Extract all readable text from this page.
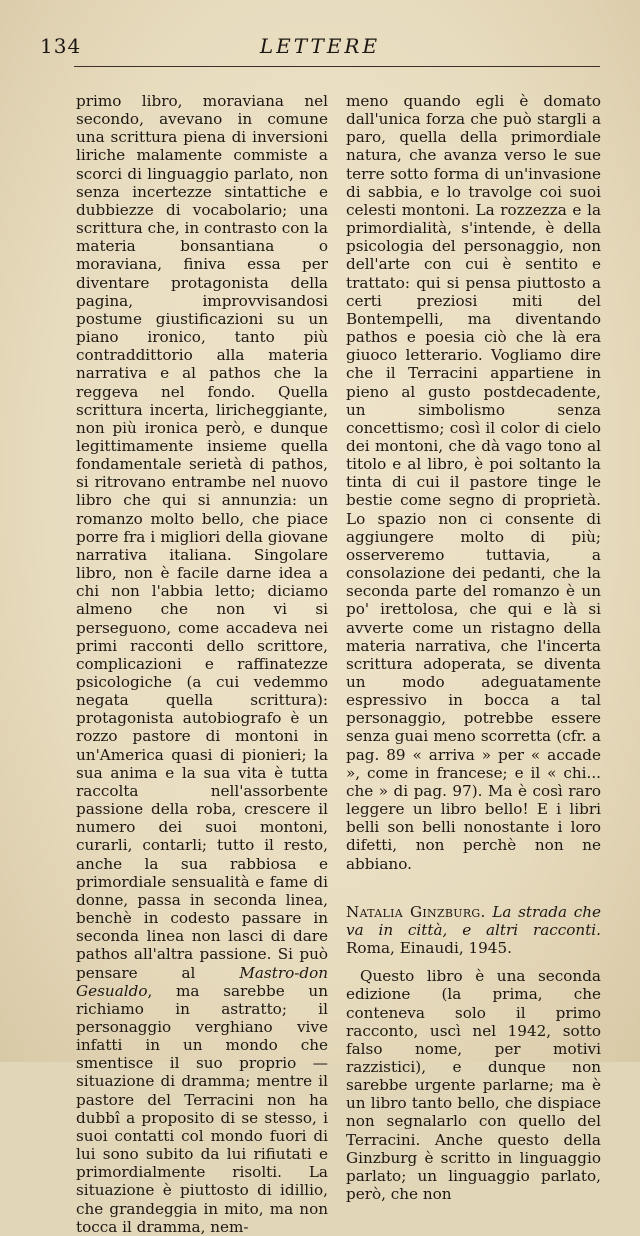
134	LETTERE

primo libro, moraviana nel secondo, avevano in comune una scrittura piena di inversioni liriche malamente commiste a scorci di linguaggio parlato, non senza incertezze sintattiche e dubbiezze di vocabolario; una scrittura che, in contrasto con la materia bonsantiana o moraviana, finiva essa per diventare protagonista della pagina, improvvisandosi postume giustificazioni su un piano ironico, tanto più contraddittorio alla materia narrativa e al pathos che la reggeva nel fondo. Quella scrittura incerta, liricheggiante, non più ironica però, e dunque legittimamente insieme quella fondamentale serietà di pathos, si ritrovano entrambe nel nuovo libro che qui si annunzia: un romanzo molto bello, che piace porre fra i migliori della giovane narrativa italiana. Singolare libro, non è facile darne idea a chi non l'abbia letto; diciamo almeno che non vi si perseguono, come accadeva nei primi racconti dello scrittore, complicazioni e raffinatezze psicologiche (a cui vedemmo negata quella scrittura): protagonista autobiografo è un rozzo pastore di montoni in un'America quasi di pionieri; la sua anima e la sua vita è tutta raccolta nell'assorbente passione della roba, crescere il numero dei suoi montoni, curarli, contarli; tutto il resto, anche la sua rabbiosa e primordiale sensualità e fame di donne, passa in seconda linea, benchè in codesto passare in seconda linea non lasci di dare pathos all'altra passione. Si può pensare al	Mastro-don Gesualdo, ma sarebbe un richiamo in astratto; il personaggio verghiano vive infatti in un mondo che smentisce il suo proprio — situazione di dramma; mentre il pastore del Terracini non ha dubbî a proposito di se stesso, i suoi contatti col mondo fuori di lui sono subito da lui rifiutati e primordialmente risolti. La situazione è piuttosto di idillio, che grandeggia in mito, ma non tocca il dramma, nem-

meno quando egli è domato dall'unica forza che può stargli a paro, quella della primordiale natura, che avanza verso le sue terre sotto forma di un'invasione di sabbia, e lo travolge coi suoi celesti montoni. La rozzezza e la primordialità, s'intende, è della psicologia del personaggio, non dell'arte con cui è sentito e trattato: qui si pensa piuttosto a certi preziosi miti del Bontempelli, ma diventando pathos e poesia ciò che là era giuoco letterario. Vogliamo dire che il Terracini appartiene in pieno al gusto postdecadente, un simbolismo senza concettismo; così il color di cielo dei montoni, che dà vago tono al titolo e al libro, è poi soltanto la tinta di cui il pastore tinge le bestie come segno di proprietà. Lo spazio non ci consente di aggiungere molto di più; osserveremo tuttavia, a consolazione dei pedanti, che la seconda parte del romanzo è un po' irettolosa, che qui e là si avverte come un ristagno della materia narrativa, che l'incerta scrittura adoperata, se diventa un modo adeguatamente espressivo in bocca a tal personaggio, potrebbe essere senza guai meno scorretta (cfr. a pag. 89 « arriva » per « accade », come in francese; e il « chi... che » di pag. 97). Ma è così raro leggere un libro bello! E i libri belli son belli nonostante i loro difetti, non perchè non ne abbiano.

Natalia Ginzburg. La strada che va in città, e altri racconti. Roma, Einaudi, 1945.

Questo libro è una seconda edizione (la prima, che conteneva solo il primo racconto, uscì nel 1942, sotto falso nome, per motivi razzistici), e dunque non sarebbe urgente parlarne; ma è un libro tanto bello, che dispiace non segnalarlo con quello del Terracini. Anche questo della Ginzburg è scritto in linguaggio parlato; un linguaggio parlato, però, che non
